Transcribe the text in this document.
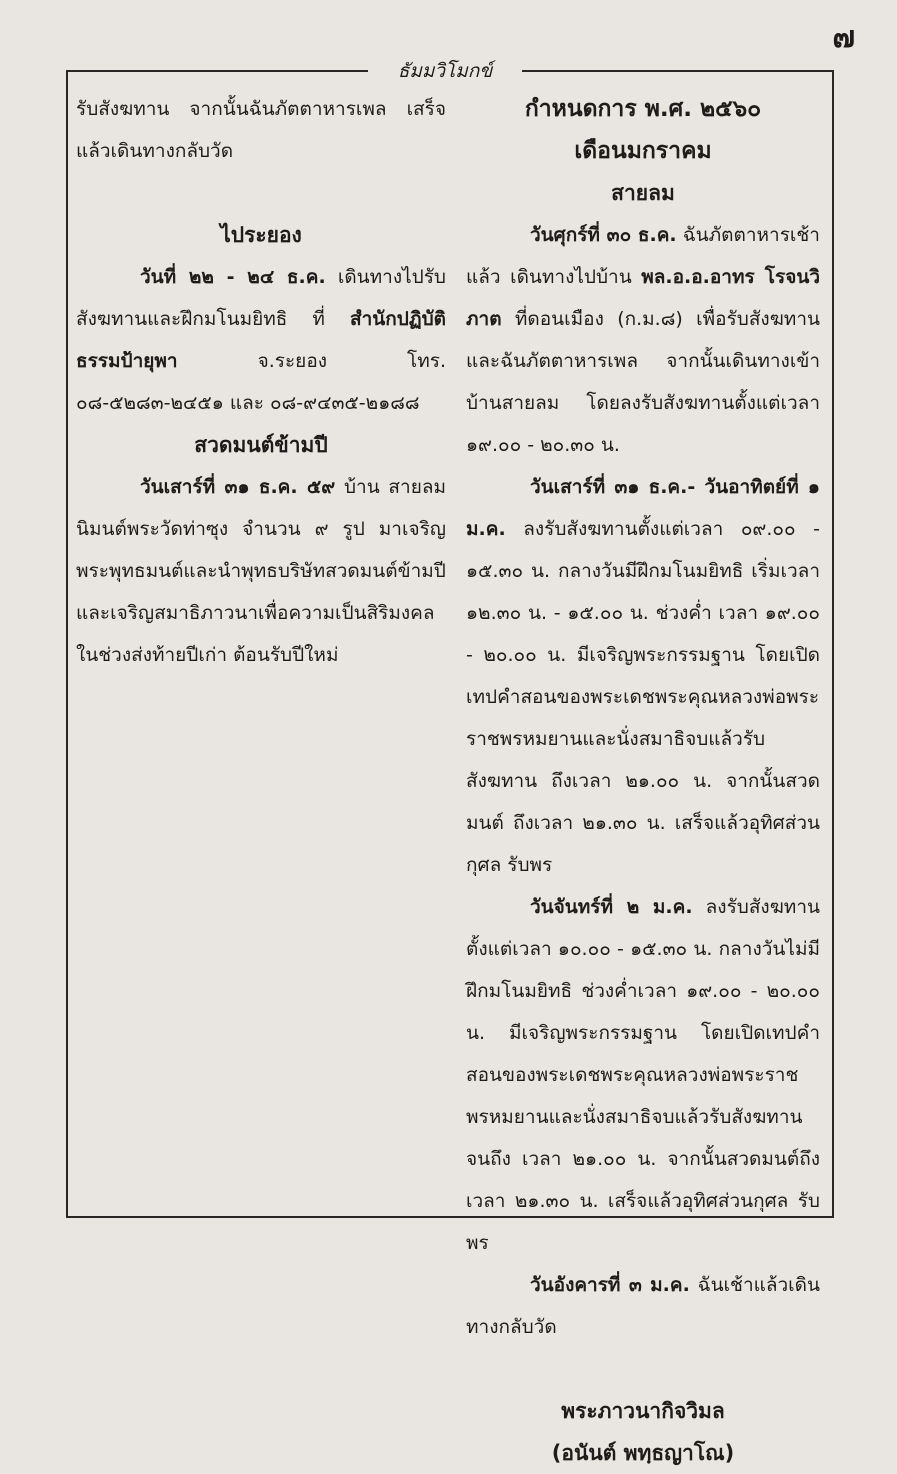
๗
ธัมมวิโมกข์

รับสังฆทาน จากนั้นฉันภัตตาหารเพล เสร็จแล้วเดินทางกลับวัด

ไประยอง

วันที่ ๒๒ - ๒๔ ธ.ค. เดินทางไปรับสังฆทานและฝึกมโนมยิทธิ ที่ สำนักปฏิบัติธรรมป้ายุพา จ.ระยอง โทร. ๐๘-๕๒๘๓-๒๔๕๑ และ ๐๘-๙๔๓๕-๒๑๘๘

สวดมนต์ข้ามปี

วันเสาร์ที่ ๓๑ ธ.ค. ๕๙ บ้าน สายลม นิมนต์พระวัดท่าซุง จำนวน ๙ รูป มาเจริญพระพุทธมนต์และนำพุทธบริษัทสวดมนต์ข้ามปี และเจริญสมาธิภาวนาเพื่อความเป็นสิริมงคลในช่วงส่งท้ายปีเก่า ต้อนรับปีใหม่

กำหนดการ พ.ศ. ๒๕๖๐

เดือนมกราคม

สายลม

วันศุกร์ที่ ๓๐ ธ.ค. ฉันภัตตาหารเช้าแล้ว เดินทางไปบ้าน พล.อ.อ.อาทร โรจนวิภาต ที่ดอนเมือง (ก.ม.๘) เพื่อรับสังฆทานและฉันภัตตาหารเพล จากนั้นเดินทางเข้าบ้านสายลม โดยลงรับสังฆทานตั้งแต่เวลา ๑๙.๐๐ - ๒๐.๓๐ น.

วันเสาร์ที่ ๓๑ ธ.ค.- วันอาทิตย์ที่ ๑ ม.ค. ลงรับสังฆทานตั้งแต่เวลา ๐๙.๐๐ - ๑๕.๓๐ น. กลางวันมีฝึกมโนมยิทธิ เริ่มเวลา ๑๒.๓๐ น. - ๑๕.๐๐ น. ช่วงค่ำ เวลา ๑๙.๐๐ - ๒๐.๐๐ น. มีเจริญพระกรรมฐาน โดยเปิดเทปคำสอนของพระเดชพระคุณหลวงพ่อพระราชพรหมยานและนั่งสมาธิจบแล้วรับสังฆทาน ถึงเวลา ๒๑.๐๐ น. จากนั้นสวดมนต์ ถึงเวลา ๒๑.๓๐ น. เสร็จแล้วอุทิศส่วนกุศล รับพร

วันจันทร์ที่ ๒ ม.ค. ลงรับสังฆทาน ตั้งแต่เวลา ๑๐.๐๐ - ๑๕.๓๐ น. กลางวันไม่มีฝึกมโนมยิทธิ ช่วงค่ำเวลา ๑๙.๐๐ - ๒๐.๐๐ น. มีเจริญพระกรรมฐาน โดยเปิดเทปคำสอนของพระเดชพระคุณหลวงพ่อพระราชพรหมยานและนั่งสมาธิจบแล้วรับสังฆทานจนถึง เวลา ๒๑.๐๐ น. จากนั้นสวดมนต์ถึงเวลา ๒๑.๓๐ น. เสร็จแล้วอุทิศส่วนกุศล รับพร

วันอังคารที่ ๓ ม.ค. ฉันเช้าแล้วเดินทางกลับวัด

พระภาวนากิจวิมล

(อนันต์ พทฺธญาโณ)
